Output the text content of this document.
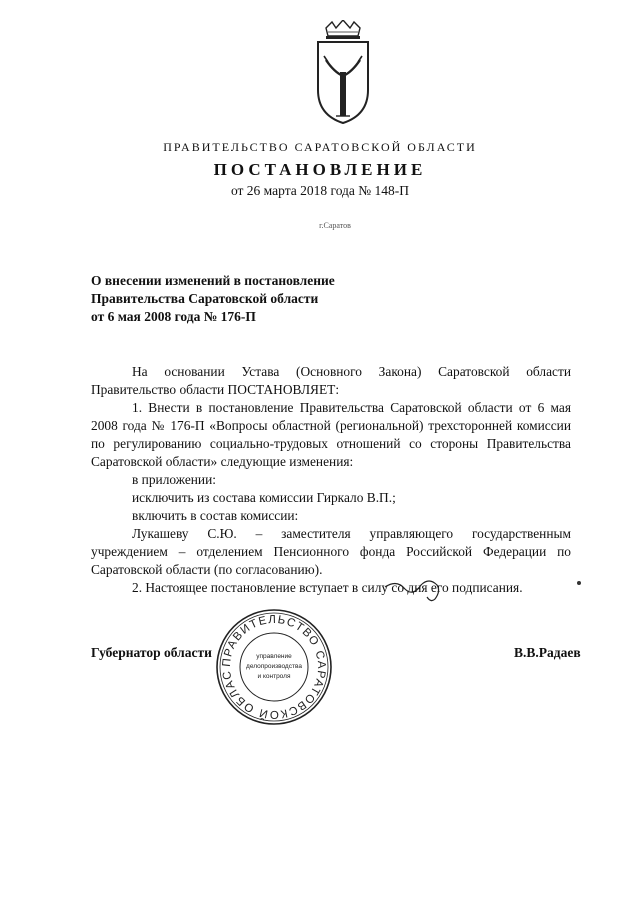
ПРАВИТЕЛЬСТВО САРАТОВСКОЙ ОБЛАСТИ
ПОСТАНОВЛЕНИЕ
от 26 марта 2018 года № 148-П
г.Саратов
О внесении изменений в постановление
Правительства Саратовской области
от 6 мая 2008 года № 176-П
На основании Устава (Основного Закона) Саратовской области Правительство области ПОСТАНОВЛЯЕТ:
1. Внести в постановление Правительства Саратовской области от 6 мая 2008 года № 176-П «Вопросы областной (региональной) трехсторонней комиссии по регулированию социально-трудовых отношений со стороны Правительства Саратовской области» следующие изменения:
в приложении:
исключить из состава комиссии Гиркало В.П.;
включить в состав комиссии:
Лукашеву С.Ю. – заместителя управляющего государственным учреждением – отделением Пенсионного фонда Российской Федерации по Саратовской области (по согласованию).
2. Настоящее постановление вступает в силу со дня его подписания.
Губернатор области	В.В.Радаев
ПРАВИТЕЛЬСТВО САРАТОВСКОЙ ОБЛАС
управление
делопроизводства
и контроля
